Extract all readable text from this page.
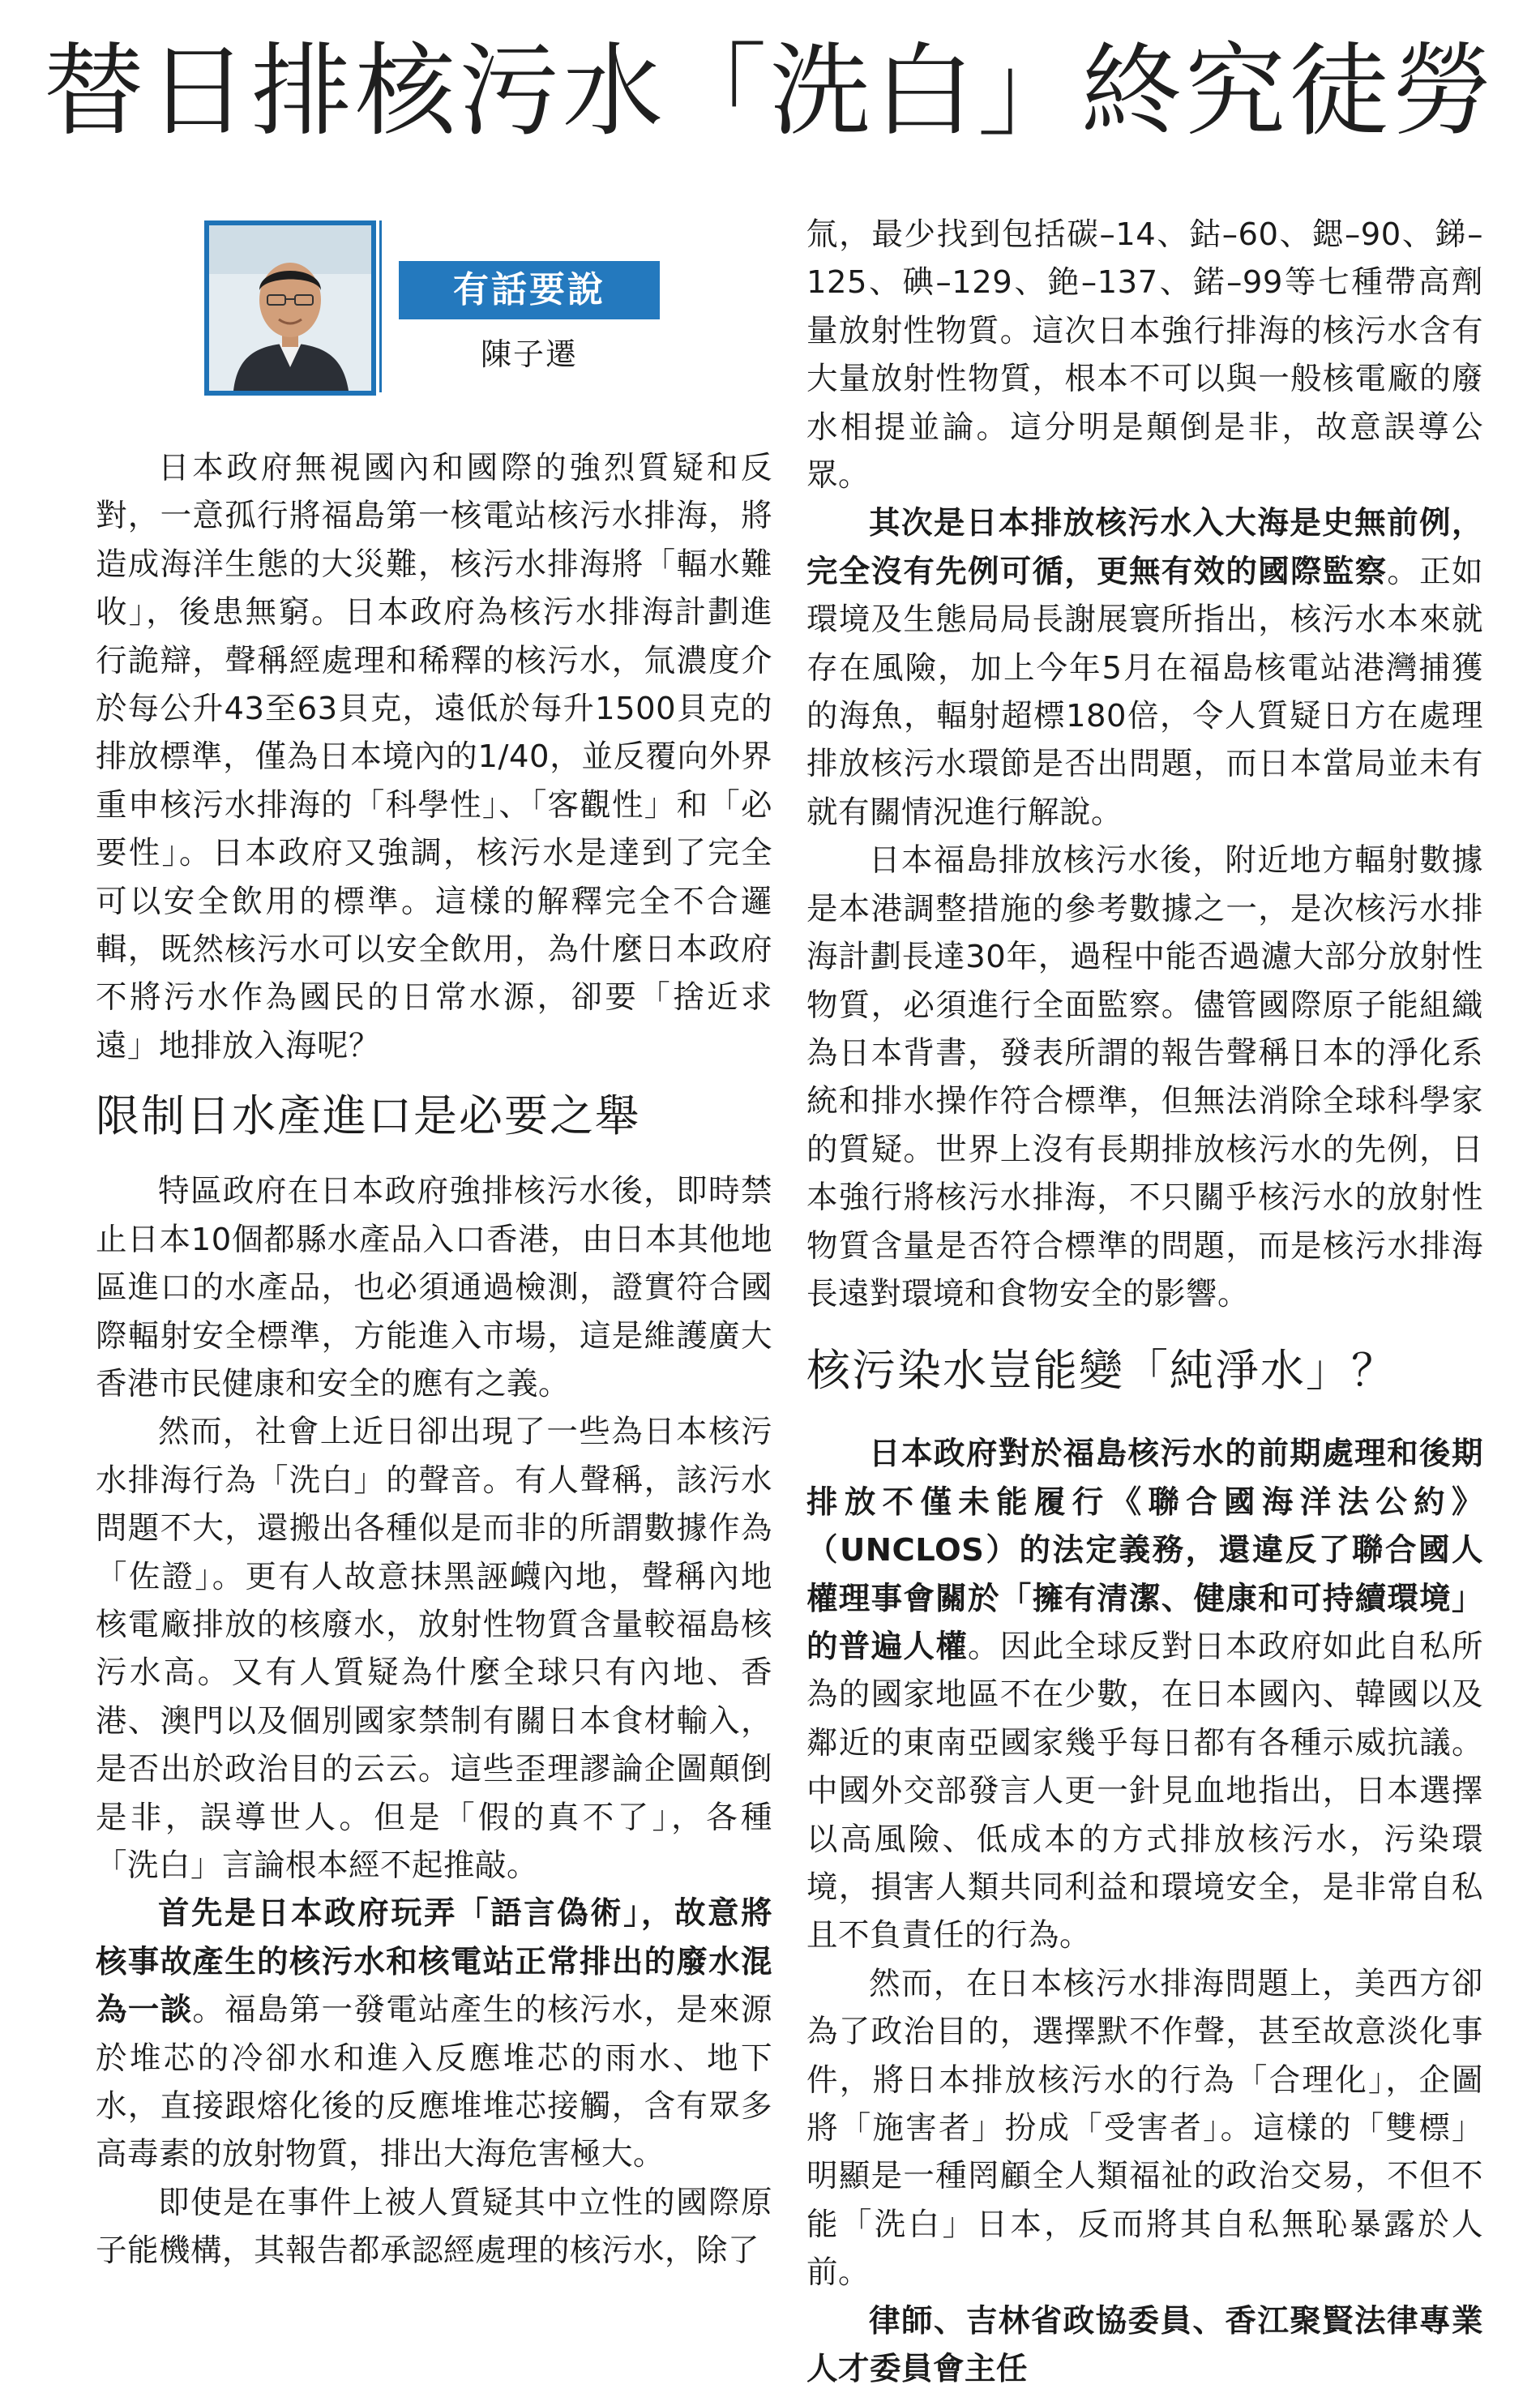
替日排核污水「洗白」終究徒勞
有話要說
陳子遷

日本政府無視國內和國際的強烈質疑和反對，一意孤行將福島第一核電站核污水排海，將造成海洋生態的大災難，核污水排海將「輻水難收」，後患無窮。日本政府為核污水排海計劃進行詭辯，聲稱經處理和稀釋的核污水，氚濃度介於每公升43至63貝克，遠低於每升1500貝克的排放標準，僅為日本境內的1/40，並反覆向外界重申核污水排海的「科學性」、「客觀性」和「必要性」。日本政府又強調，核污水是達到了完全可以安全飲用的標準。這樣的解釋完全不合邏輯，既然核污水可以安全飲用，為什麼日本政府不將污水作為國民的日常水源，卻要「捨近求遠」地排放入海呢？

限制日水產進口是必要之舉

特區政府在日本政府強排核污水後，即時禁止日本10個都縣水產品入口香港，由日本其他地區進口的水產品，也必須通過檢測，證實符合國際輻射安全標準，方能進入市場，這是維護廣大香港市民健康和安全的應有之義。

然而，社會上近日卻出現了一些為日本核污水排海行為「洗白」的聲音。有人聲稱，該污水問題不大，還搬出各種似是而非的所謂數據作為「佐證」。更有人故意抹黑誣衊內地，聲稱內地核電廠排放的核廢水，放射性物質含量較福島核污水高。又有人質疑為什麼全球只有內地、香港、澳門以及個別國家禁制有關日本食材輸入，是否出於政治目的云云。這些歪理謬論企圖顛倒是非，誤導世人。但是「假的真不了」，各種「洗白」言論根本經不起推敲。

首先是日本政府玩弄「語言偽術」，故意將核事故產生的核污水和核電站正常排出的廢水混為一談。福島第一發電站產生的核污水，是來源於堆芯的冷卻水和進入反應堆芯的雨水、地下水，直接跟熔化後的反應堆堆芯接觸，含有眾多高毒素的放射物質，排出大海危害極大。

即使是在事件上被人質疑其中立性的國際原子能機構，其報告都承認經處理的核污水，除了

氚，最少找到包括碳–14、鈷–60、鍶–90、銻–125、碘–129、銫–137、鍩–99等七種帶高劑量放射性物質。這次日本強行排海的核污水含有大量放射性物質，根本不可以與一般核電廠的廢水相提並論。這分明是顛倒是非，故意誤導公眾。

其次是日本排放核污水入大海是史無前例，完全沒有先例可循，更無有效的國際監察。正如環境及生態局局長謝展寰所指出，核污水本來就存在風險，加上今年5月在福島核電站港灣捕獲的海魚，輻射超標180倍，令人質疑日方在處理排放核污水環節是否出問題，而日本當局並未有就有關情況進行解說。

日本福島排放核污水後，附近地方輻射數據是本港調整措施的參考數據之一，是次核污水排海計劃長達30年，過程中能否過濾大部分放射性物質，必須進行全面監察。儘管國際原子能組織為日本背書，發表所謂的報告聲稱日本的淨化系統和排水操作符合標準，但無法消除全球科學家的質疑。世界上沒有長期排放核污水的先例，日本強行將核污水排海，不只關乎核污水的放射性物質含量是否符合標準的問題，而是核污水排海長遠對環境和食物安全的影響。

核污染水豈能變「純淨水」？

日本政府對於福島核污水的前期處理和後期排放不僅未能履行《聯合國海洋法公約》（UNCLOS）的法定義務，還違反了聯合國人權理事會關於「擁有清潔、健康和可持續環境」的普遍人權。因此全球反對日本政府如此自私所為的國家地區不在少數，在日本國內、韓國以及鄰近的東南亞國家幾乎每日都有各種示威抗議。中國外交部發言人更一針見血地指出，日本選擇以高風險、低成本的方式排放核污水，污染環境，損害人類共同利益和環境安全，是非常自私且不負責任的行為。

然而，在日本核污水排海問題上，美西方卻為了政治目的，選擇默不作聲，甚至故意淡化事件，將日本排放核污水的行為「合理化」，企圖將「施害者」扮成「受害者」。這樣的「雙標」明顯是一種罔顧全人類福祉的政治交易，不但不能「洗白」日本，反而將其自私無恥暴露於人前。

律師、吉林省政協委員、香江聚賢法律專業人才委員會主任
